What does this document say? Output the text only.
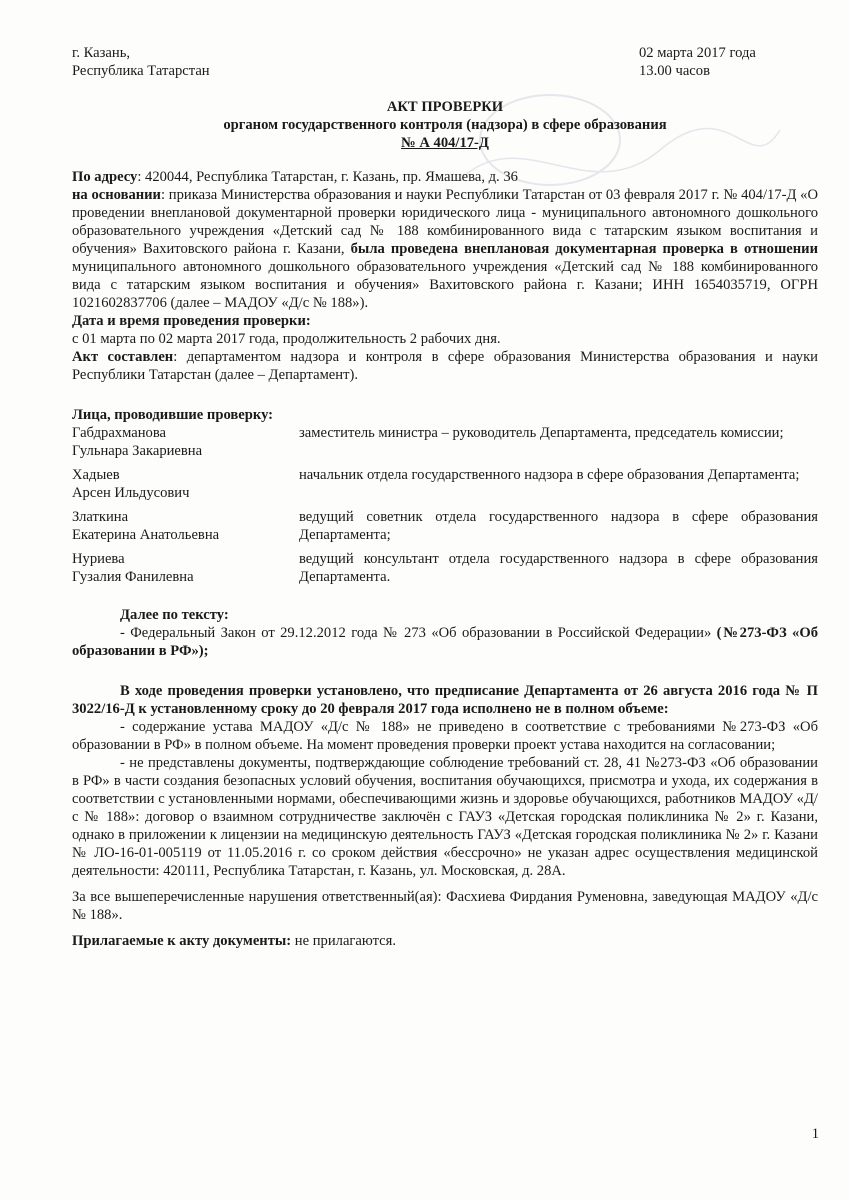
г. Казань,
Республика Татарстан
02 марта 2017 года
13.00 часов
АКТ ПРОВЕРКИ
органом государственного контроля (надзора) в сфере образования
№ А 404/17-Д

По адресу: 420044, Республика Татарстан, г. Казань, пр. Ямашева, д. 36

на основании: приказа Министерства образования и науки Республики Татарстан от 03 февраля 2017 г. № 404/17-Д «О проведении внеплановой документарной проверки юридического лица - муниципального автономного дошкольного образовательного учреждения «Детский сад № 188 комбинированного вида с татарским языком воспитания и обучения» Вахитовского района г. Казани, была проведена внеплановая документарная проверка в отношении муниципального автономного дошкольного образовательного учреждения «Детский сад № 188 комбинированного вида с татарским языком воспитания и обучения» Вахитовского района г. Казани; ИНН 1654035719, ОГРН 1021602837706 (далее – МАДОУ «Д/с № 188»).

Дата и время проведения проверки:

с 01 марта по 02 марта 2017 года, продолжительность 2 рабочих дня.

Акт составлен: департаментом надзора и контроля в сфере образования Министерства образования и науки Республики Татарстан (далее – Департамент).

Лица, проводившие проверку:
Габдрахманова
Гульнара Закариевна
заместитель министра – руководитель Департамента, председатель комиссии;
Хадыев
Арсен Ильдусович
начальник отдела государственного надзора в сфере образования Департамента;
Златкина
Екатерина Анатольевна
ведущий советник отдела государственного надзора в сфере образования Департамента;
Нуриева
Гузалия Фанилевна
ведущий консультант отдела государственного надзора в сфере образования Департамента.
Далее по тексту:

- Федеральный Закон от 29.12.2012 года № 273 «Об образовании в Российской Федерации» (№273-ФЗ «Об образовании в РФ»);

В ходе проведения проверки установлено, что предписание Департамента от 26 августа 2016 года № П 3022/16-Д к установленному сроку до 20 февраля 2017 года исполнено не в полном объеме:

- содержание устава МАДОУ «Д/с № 188» не приведено в соответствие с требованиями №273-ФЗ «Об образовании в РФ» в полном объеме. На момент проведения проверки проект устава находится на согласовании;

- не представлены документы, подтверждающие соблюдение требований ст. 28, 41 №273-ФЗ «Об образовании в РФ» в части создания безопасных условий обучения, воспитания обучающихся, присмотра и ухода, их содержания в соответствии с установленными нормами, обеспечивающими жизнь и здоровье обучающихся, работников МАДОУ «Д/с № 188»: договор о взаимном сотрудничестве заключён с ГАУЗ «Детская городская поликлиника № 2» г. Казани, однако в приложении к лицензии на медицинскую деятельность ГАУЗ «Детская городская поликлиника № 2» г. Казани № ЛО-16-01-005119 от 11.05.2016 г. со сроком действия «бессрочно» не указан адрес осуществления медицинской деятельности: 420111, Республика Татарстан, г. Казань, ул. Московская, д. 28А.

За все вышеперечисленные нарушения ответственный(ая): Фасхиева Фирдания Руменовна, заведующая МАДОУ «Д/с № 188».

Прилагаемые к акту документы: не прилагаются.

1
